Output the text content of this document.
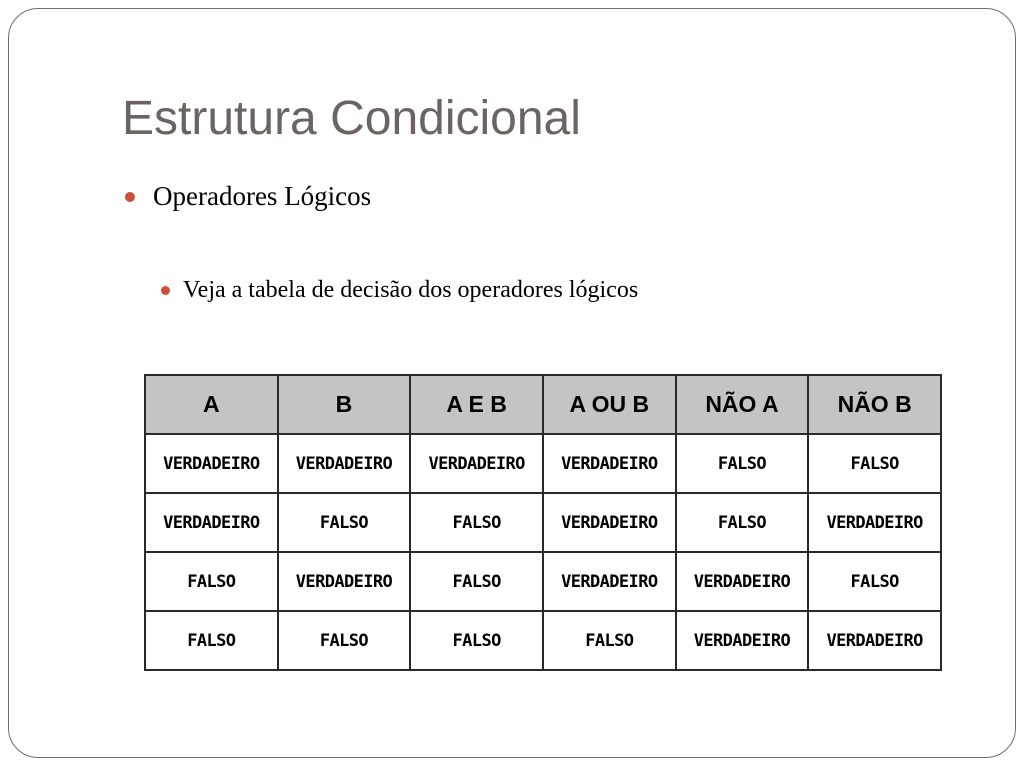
Estrutura Condicional
Operadores Lógicos
Veja a tabela de decisão dos operadores lógicos
A	B	A E B	A OU B	NÃO A	NÃO B
VERDADEIRO	VERDADEIRO	VERDADEIRO	VERDADEIRO	FALSO	FALSO
VERDADEIRO	FALSO	FALSO	VERDADEIRO	FALSO	VERDADEIRO
FALSO	VERDADEIRO	FALSO	VERDADEIRO	VERDADEIRO	FALSO
FALSO	FALSO	FALSO	FALSO	VERDADEIRO	VERDADEIRO
